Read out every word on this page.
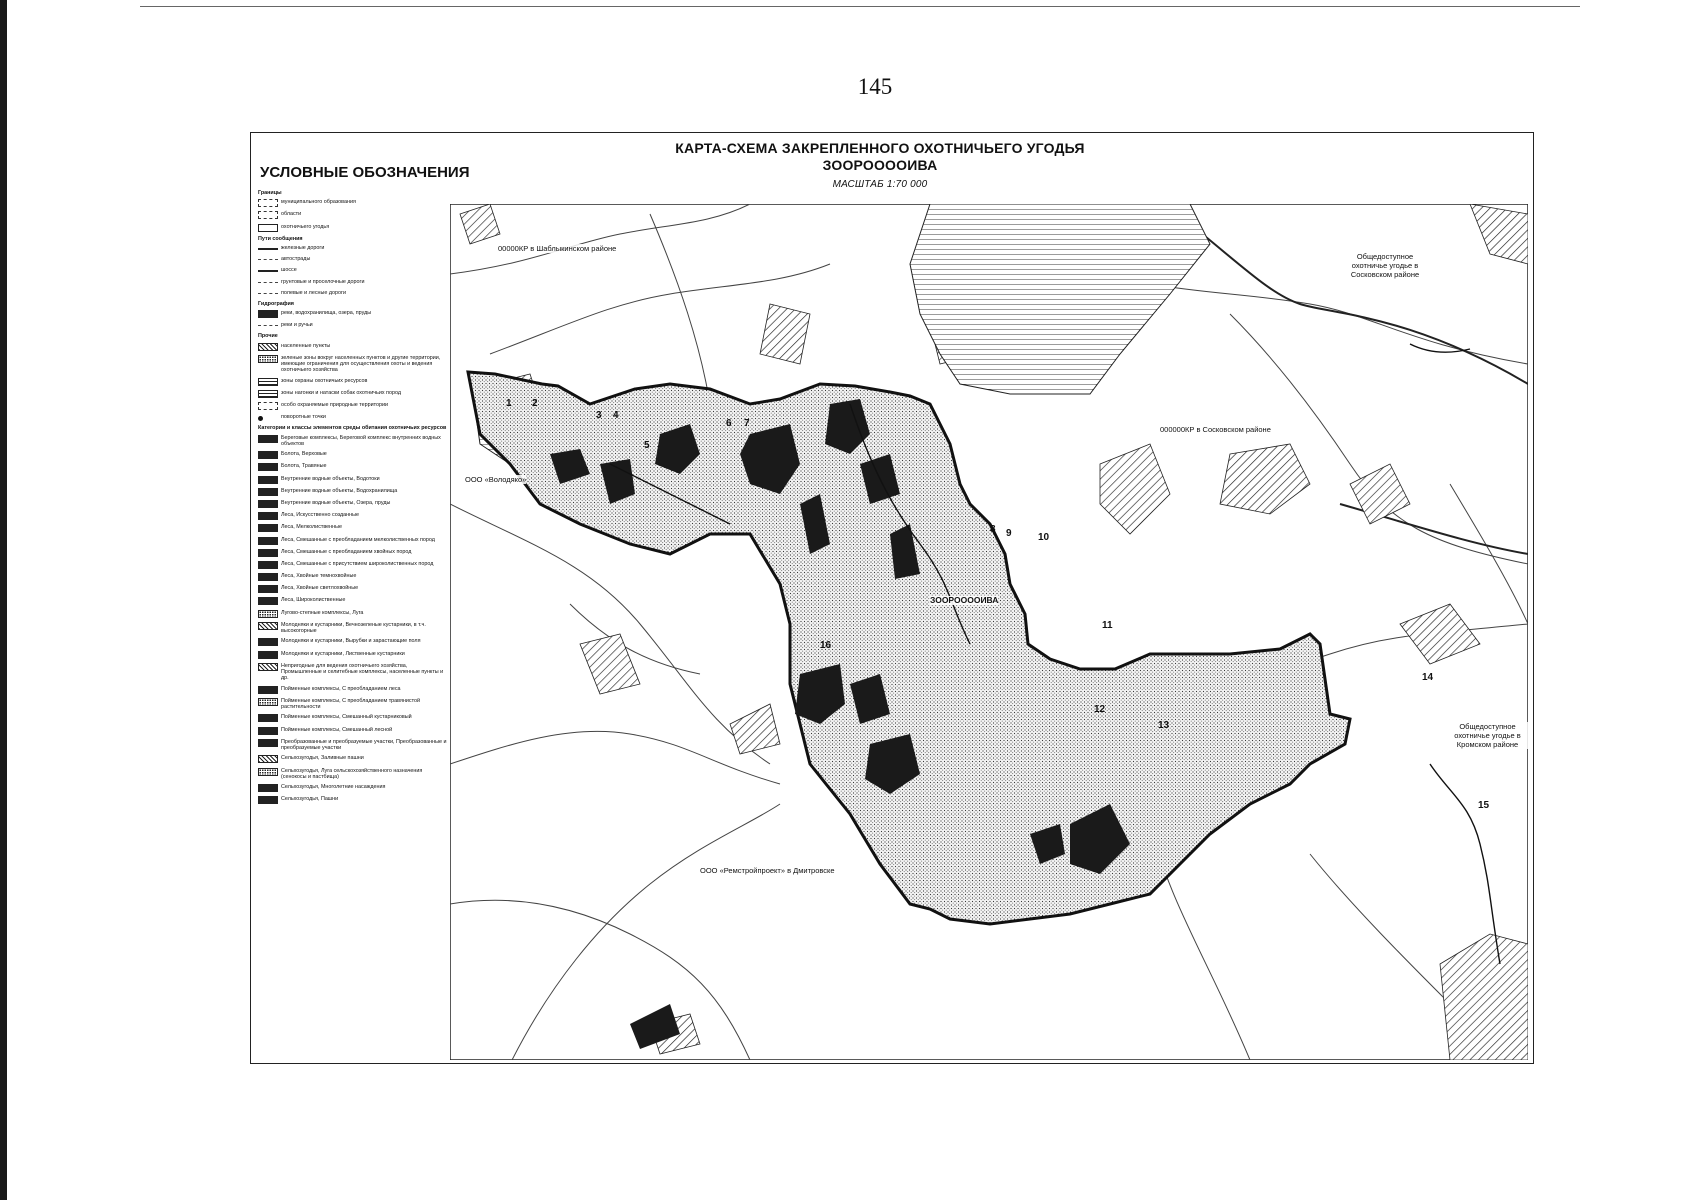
145
КАРТА-СХЕМА ЗАКРЕПЛЕННОГО ОХОТНИЧЬЕГО УГОДЬЯ
ЗООРООООИВА
МАСШТАБ 1:70 000
УСЛОВНЫЕ ОБОЗНАЧЕНИЯ
Границы
муниципального образования
области
охотничьего угодья
Пути сообщения
железные дороги
автострады
шоссе
грунтовые и проселочные дороги
полевые и лесные дороги
Гидрография
реки, водохранилища, озера, пруды
реки и ручьи
Прочие
населенные пункты
зеленые зоны вокруг населенных пунктов и другие территории, имеющие ограничения для осуществления охоты и ведения охотничьего хозяйства
зоны охраны охотничьих ресурсов
зоны нагонки и натаски собак охотничьих пород
особо охраняемые природные территории
поворотные точки
Категории и классы элементов среды обитания охотничьих ресурсов
Береговые комплексы, Береговой комплекс внутренних водных объектов
Болота, Верховые
Болота, Травяные
Внутренние водные объекты, Водотоки
Внутренние водные объекты, Водохранилища
Внутренние водные объекты, Озера, пруды
Леса, Искусственно созданные
Леса, Мелколиственные
Леса, Смешанные с преобладанием мелколиственных пород
Леса, Смешанные с преобладанием хвойных пород
Леса, Смешанные с присутствием широколиственных пород
Леса, Хвойные темнохвойные
Леса, Хвойные светлохвойные
Леса, Широколиственные
Лугово-степные комплексы, Луга
Молодняки и кустарники, Вечнозеленые кустарники, в т.ч. высокогорные
Молодняки и кустарники, Вырубки и зарастающие поля
Молодняки и кустарники, Лиственные кустарники
Непригодные для ведения охотничьего хозяйства, Промышленные и селитебные комплексы, населенные пункты и др.
Пойменные комплексы, С преобладанием леса
Пойменные комплексы, С преобладанием травянистой растительности
Пойменные комплексы, Смешанный кустарниковый
Пойменные комплексы, Смешанный лесной
Преобразованные и преобразуемые участки, Преобразованные и преобразуемые участки
Сельхозугодья, Заливные пашни
Сельхозугодья, Луга сельскохозяйственного назначения (сенокосы и пастбища)
Сельхозугодья, Многолетние насаждения
Сельхозугодья, Пашни
00000КР в Шаблыкинском районе
Общедоступное охотничье угодье в Сосковском районе
000000КР в Сосковском районе
ООО «Володяко»
Общедоступное охотничье угодье в Кромском районе
ООО «Ремстройпроект» в Дмитровске
ЗООРООООИВА
1 2
3 4
5
6 7
8 9	10
11
12
13
14
15
16
